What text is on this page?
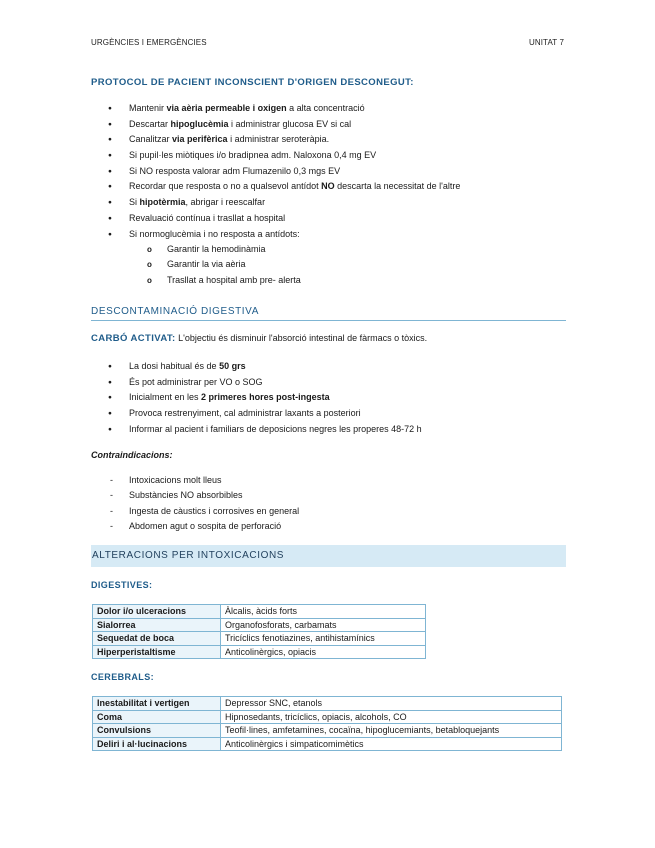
URGÈNCIES I EMERGÈNCIES	UNITAT 7
PROTOCOL DE PACIENT INCONSCIENT D'ORIGEN DESCONEGUT:
● Mantenir via aèria permeable i oxigen a alta concentració
● Descartar hipoglucèmia i administrar glucosa EV si cal
● Canalitzar via perifèrica i administrar seroteràpia.
● Si pupil·les miòtiques i/o bradipnea adm. Naloxona 0,4 mg EV
● Si NO resposta valorar adm Flumazenilo 0,3 mgs EV
● Recordar que resposta o no a qualsevol antídot NO descarta la necessitat de l'altre
● Si hipotèrmia, abrigar i reescalfar
● Revaluació contínua i trasllat a hospital
● Si normoglucèmia i no resposta a antídots:
o Garantir la hemodinàmia
o Garantir la via aèria
o Trasllat a hospital amb pre- alerta
DESCONTAMINACIÓ DIGESTIVA
CARBÓ ACTIVAT: L'objectiu és disminuir l'absorció intestinal de fàrmacs o tòxics.
● La dosi habitual és de 50 grs
● És pot administrar per VO o SOG
● Inicialment en les 2 primeres hores post-ingesta
● Provoca restrenyiment, cal administrar laxants a posteriori
● Informar al pacient i familiars de deposicions negres les properes 48-72 h
Contraindicacions:
- Intoxicacions molt lleus
- Substàncies NO absorbibles
- Ingesta de càustics i corrosives en general
- Abdomen agut o sospita de perforació
ALTERACIONS PER INTOXICACIONS
DIGESTIVES:
Dolor i/o ulceracions	Àlcalis, àcids forts
Sialorrea	Organofosforats, carbamats
Sequedat de boca	Tricíclics fenotiazines, antihistamínics
Hiperperistaltisme	Anticolinèrgics, opiacis
CEREBRALS:
Inestabilitat i vertigen	Depressor SNC, etanols
Coma	Hipnosedants, tricíclics, opiacis, alcohols, CO
Convulsions	Teofil·lines, amfetamines, cocaïna, hipoglucemiants, betabloquejants
Deliri i al·lucinacions	Anticolinèrgics i simpaticomimètics
